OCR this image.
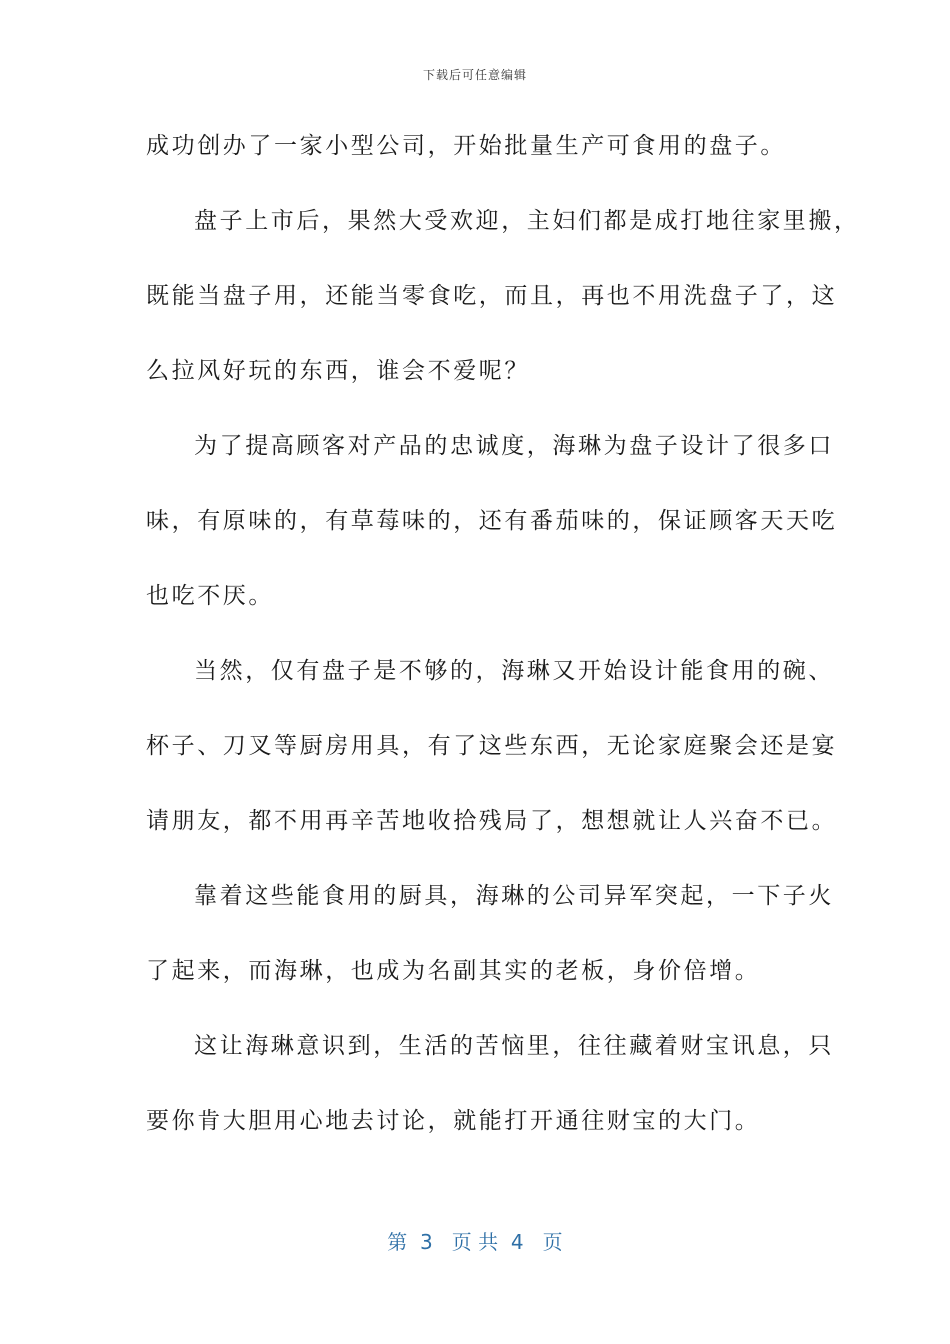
下载后可任意编辑
成功创办了一家小型公司，开始批量生产可食用的盘子。
盘子上市后，果然大受欢迎，主妇们都是成打地往家里搬，
既能当盘子用，还能当零食吃，而且，再也不用洗盘子了，这
么拉风好玩的东西，谁会不爱呢？
为了提高顾客对产品的忠诚度，海琳为盘子设计了很多口
味，有原味的，有草莓味的，还有番茄味的，保证顾客天天吃
也吃不厌。
当然，仅有盘子是不够的，海琳又开始设计能食用的碗、
杯子、刀叉等厨房用具，有了这些东西，无论家庭聚会还是宴
请朋友，都不用再辛苦地收拾残局了，想想就让人兴奋不已。
靠着这些能食用的厨具，海琳的公司异军突起，一下子火
了起来，而海琳，也成为名副其实的老板，身价倍增。
这让海琳意识到，生活的苦恼里，往往藏着财宝讯息，只
要你肯大胆用心地去讨论，就能打开通往财宝的大门。
第  3   页 共  4   页
